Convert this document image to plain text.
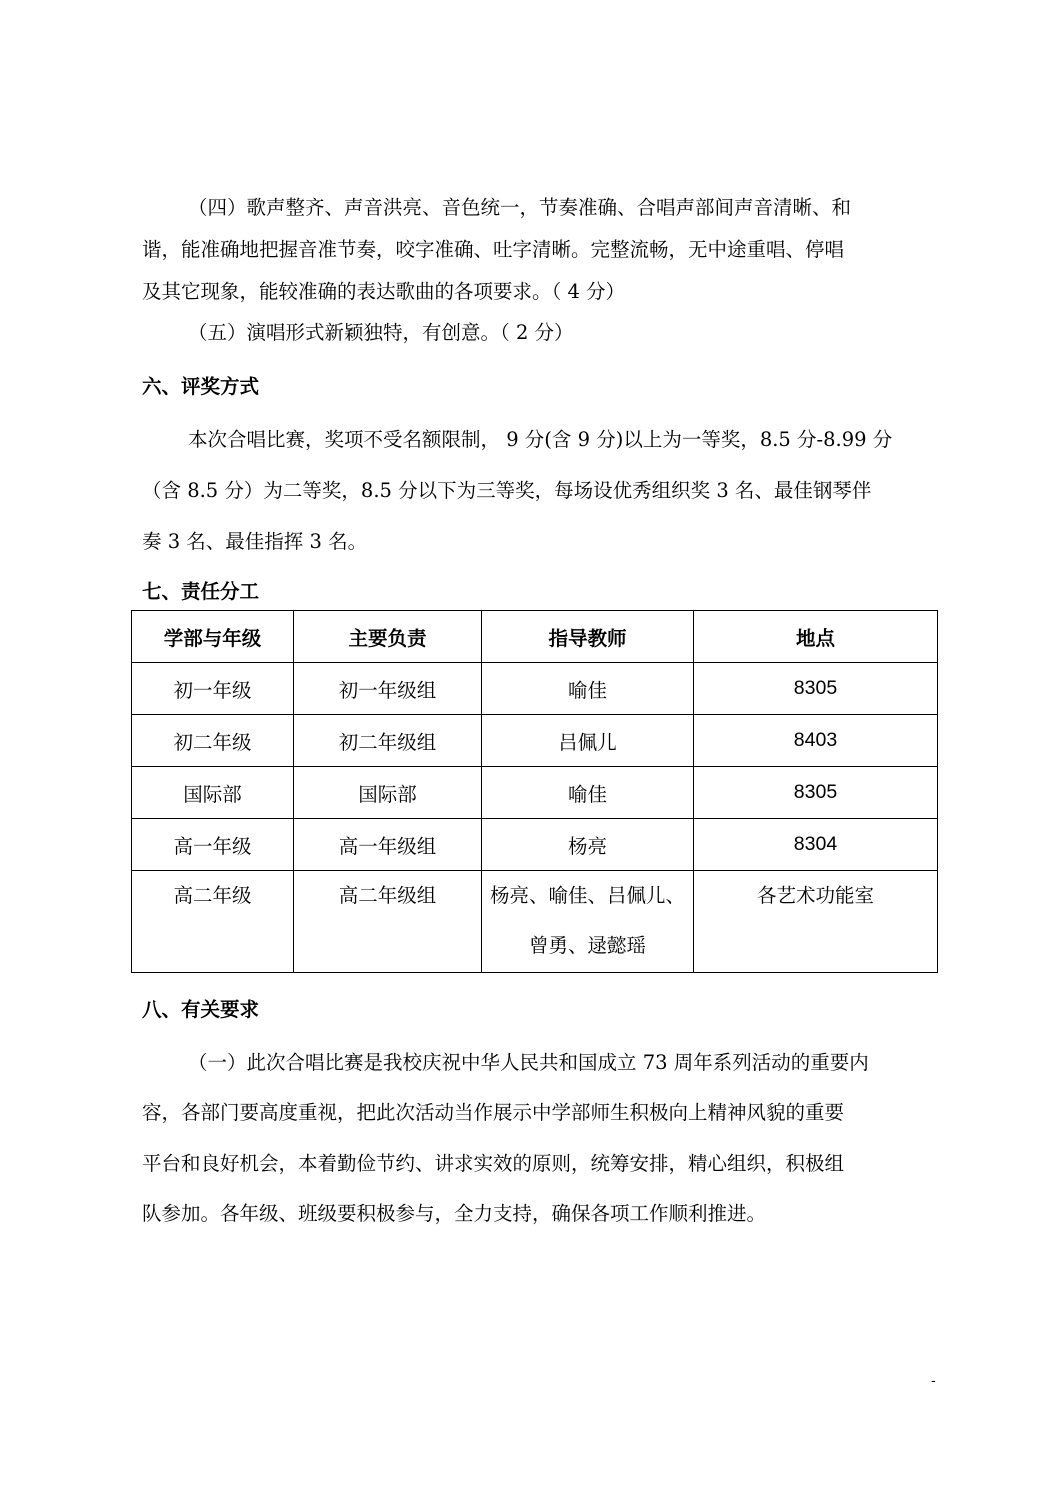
（四）歌声整齐、声音洪亮、音色统一，节奏准确、合唱声部间声音清晰、和
谐，能准确地把握音准节奏，咬字准确、吐字清晰。完整流畅，无中途重唱、停唱
及其它现象，能较准确的表达歌曲的各项要求。（ 4 分）
（五）演唱形式新颖独特，有创意。（ 2 分）
六、评奖方式
本次合唱比赛，奖项不受名额限制， 9 分(含 9 分)以上为一等奖，8.5 分-8.99 分
（含 8.5 分）为二等奖，8.5 分以下为三等奖，每场设优秀组织奖 3 名、最佳钢琴伴
奏 3 名、最佳指挥 3 名。
七、责任分工
学部与年级	主要负责	指导教师	地点
初一年级	初一年级组	喻佳	8305
初二年级	初二年级组	吕佩儿	8403
国际部	国际部	喻佳	8305
高一年级	高一年级组	杨亮	8304

高二年级	高二年级组	杨亮、喻佳、吕佩儿、
曾勇、逯懿瑶	各艺术功能室
八、有关要求
（一）此次合唱比赛是我校庆祝中华人民共和国成立 73 周年系列活动的重要内
容，各部门要高度重视，把此次活动当作展示中学部师生积极向上精神风貌的重要
平台和良好机会，本着勤俭节约、讲求实效的原则，统筹安排，精心组织，积极组
队参加。各年级、班级要积极参与，全力支持，确保各项工作顺利推进。
-
